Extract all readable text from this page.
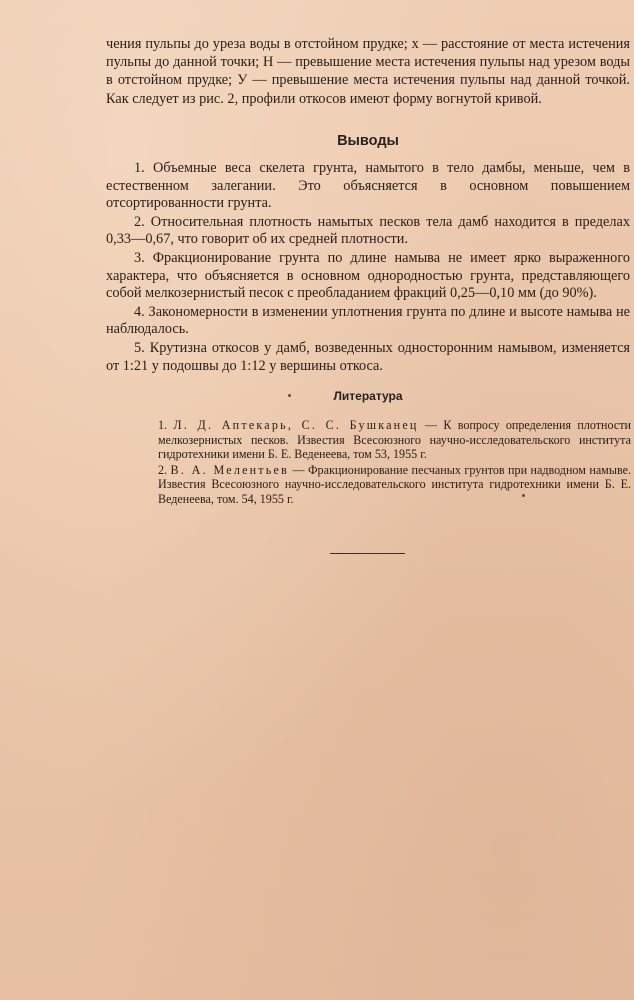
чения пульпы до уреза воды в отстойном прудке; x — расстояние от места истечения пульпы до данной точки; H — превышение места истечения пульпы над урезом воды в отстойном прудке; У — превышение места истечения пульпы над данной точкой. Как следует из рис. 2, профили откосов имеют форму вогнутой кривой.

Выводы

1. Объемные веса скелета грунта, намытого в тело дамбы, меньше, чем в естественном залегании. Это объясняется в основном повышением отсортированности грунта.

2. Относительная плотность намытых песков тела дамб находится в пределах 0,33—0,67, что говорит об их средней плотности.

3. Фракционирование грунта по длине намыва не имеет ярко выраженного характера, что объясняется в основном однородностью грунта, представляющего собой мелкозернистый песок с преобладанием фракций 0,25—0,10 мм (до 90%).

4. Закономерности в изменении уплотнения грунта по длине и высоте намыва не наблюдалось.

5. Крутизна откосов у дамб, возведенных односторонним намывом, изменяется от 1:21 у подошвы до 1:12 у вершины откоса.

Литература
1. Л. Д. Аптекарь, С. С. Бушканец — К вопросу определения плотности мелкозернистых песков. Известия Всесоюзного научно-исследовательского института гидротехники имени Б. Е. Веденеева, том 53, 1955 г.
2. В. А. Мелентьев — Фракционирование песчаных грунтов при надводном намыве. Известия Всесоюзного научно-исследовательского института гидротехники имени Б. Е. Веденеева, том. 54, 1955 г.
